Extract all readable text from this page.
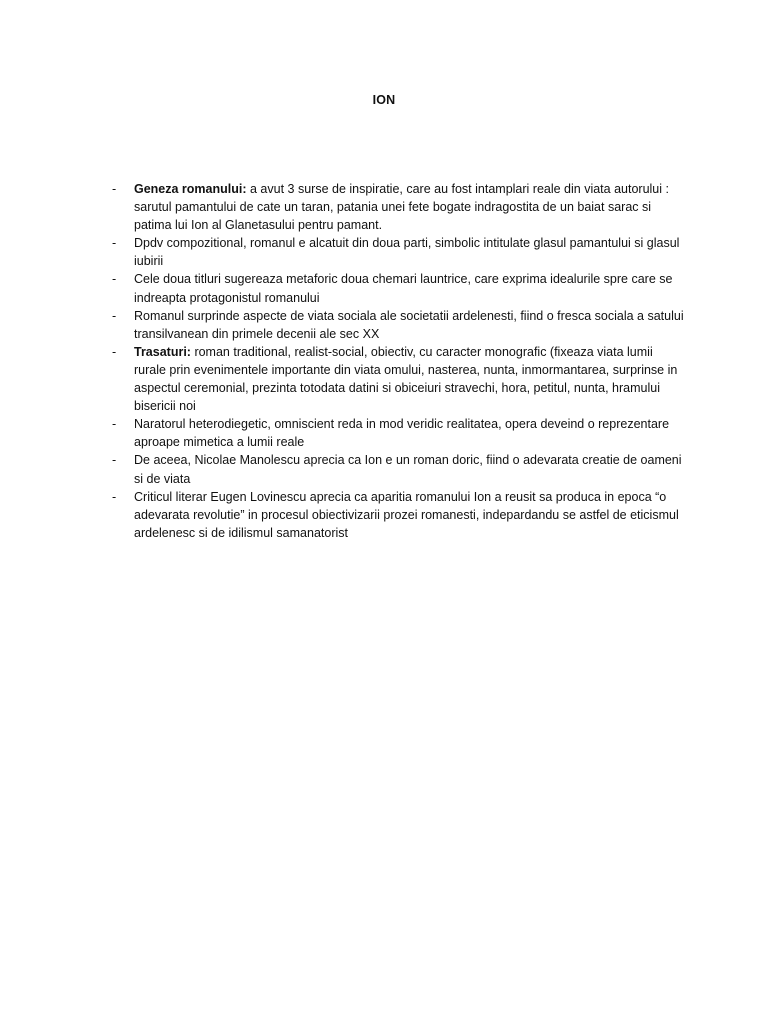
ION
- Geneza romanului: a avut 3 surse de inspiratie, care au fost intamplari reale din viata autorului : sarutul pamantului de cate un taran, patania unei fete bogate indragostita de un baiat sarac si patima lui Ion al Glanetasului pentru pamant.
- Dpdv compozitional, romanul e alcatuit din doua parti, simbolic intitulate glasul pamantului si glasul iubirii
- Cele doua titluri sugereaza metaforic doua chemari launtrice, care exprima idealurile spre care se indreapta protagonistul romanului
- Romanul surprinde aspecte de viata sociala ale societatii ardelenesti, fiind o fresca sociala a satului transilvanean din primele decenii ale sec XX
- Trasaturi: roman traditional, realist-social, obiectiv, cu caracter monografic (fixeaza viata lumii rurale prin evenimentele importante din viata omului, nasterea, nunta, inmormantarea, surprinse in aspectul ceremonial, prezinta totodata datini si obiceiuri stravechi, hora, petitul, nunta, hramului bisericii noi
- Naratorul heterodiegetic, omniscient reda in mod veridic realitatea, opera deveind o reprezentare aproape mimetica a lumii reale
- De aceea, Nicolae Manolescu aprecia ca Ion e un roman doric, fiind o adevarata creatie de oameni si de viata
- Criticul literar Eugen Lovinescu aprecia ca aparitia romanului Ion a reusit sa produca in epoca “o adevarata revolutie” in procesul obiectivizarii prozei romanesti, indepardandu se astfel de eticismul ardelenesc si de idilismul samanatorist
